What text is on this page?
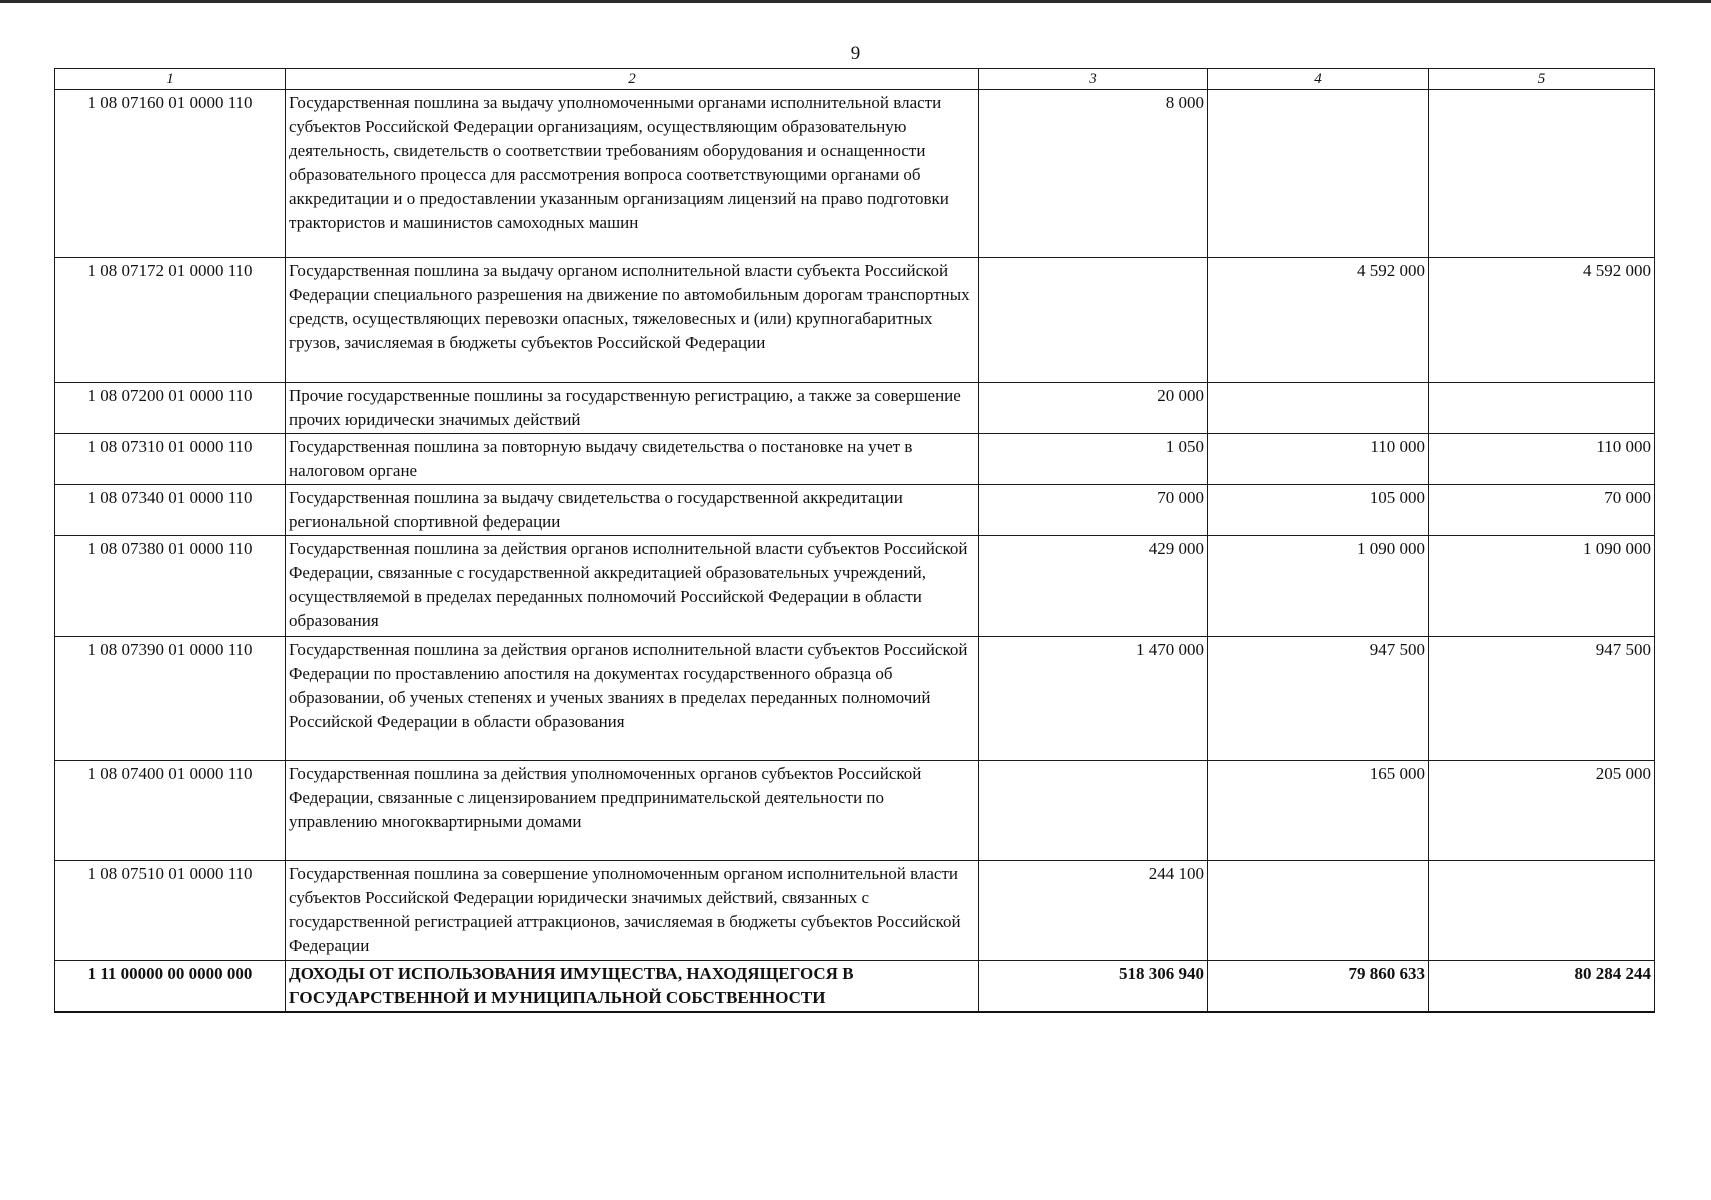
9
1	2	3	4	5
1 08 07160 01 0000 110	Государственная пошлина за выдачу уполномоченными органами исполнительной власти субъектов Российской Федерации организациям, осуществляющим образовательную деятельность, свидетельств о соответствии требованиям оборудования и оснащенности образовательного процесса для рассмотрения вопроса соответствующими органами об аккредитации и о предоставлении указанным организациям лицензий на право подготовки трактористов и машинистов самоходных машин	8 000		
1 08 07172 01 0000 110	Государственная пошлина за выдачу органом исполнительной власти субъекта Российской Федерации специального разрешения на движение по автомобильным дорогам транспортных средств, осуществляющих перевозки опасных, тяжеловесных и (или) крупногабаритных грузов, зачисляемая в бюджеты субъектов Российской Федерации		4 592 000	4 592 000
1 08 07200 01 0000 110	Прочие государственные пошлины за государственную регистрацию, а также за совершение прочих юридически значимых действий	20 000		
1 08 07310 01 0000 110	Государственная пошлина за повторную выдачу свидетельства о постановке на учет в налоговом органе	1 050	110 000	110 000
1 08 07340 01 0000 110	Государственная пошлина за выдачу свидетельства о государственной аккредитации региональной спортивной федерации	70 000	105 000	70 000
1 08 07380 01 0000 110	Государственная пошлина за действия органов исполнительной власти субъектов Российской Федерации, связанные с государственной аккредитацией образовательных учреждений, осуществляемой в пределах переданных полномочий Российской Федерации в области образования	429 000	1 090 000	1 090 000
1 08 07390 01 0000 110	Государственная пошлина за действия органов исполнительной власти субъектов Российской Федерации по проставлению апостиля на документах государственного образца об образовании, об ученых степенях и ученых званиях в пределах переданных полномочий Российской Федерации в области образования	1 470 000	947 500	947 500
1 08 07400 01 0000 110	Государственная пошлина за действия уполномоченных органов субъектов Российской Федерации, связанные с лицензированием предпринимательской деятельности по управлению многоквартирными домами		165 000	205 000
1 08 07510 01 0000 110	Государственная пошлина за совершение уполномоченным органом исполнительной власти субъектов Российской Федерации юридически значимых действий, связанных с государственной регистрацией аттракционов, зачисляемая в бюджеты субъектов Российской Федерации	244 100		
1 11 00000 00 0000 000	ДОХОДЫ ОТ ИСПОЛЬЗОВАНИЯ ИМУЩЕСТВА, НАХОДЯЩЕГОСЯ В ГОСУДАРСТВЕННОЙ И МУНИЦИПАЛЬНОЙ СОБСТВЕННОСТИ	518 306 940	79 860 633	80 284 244
